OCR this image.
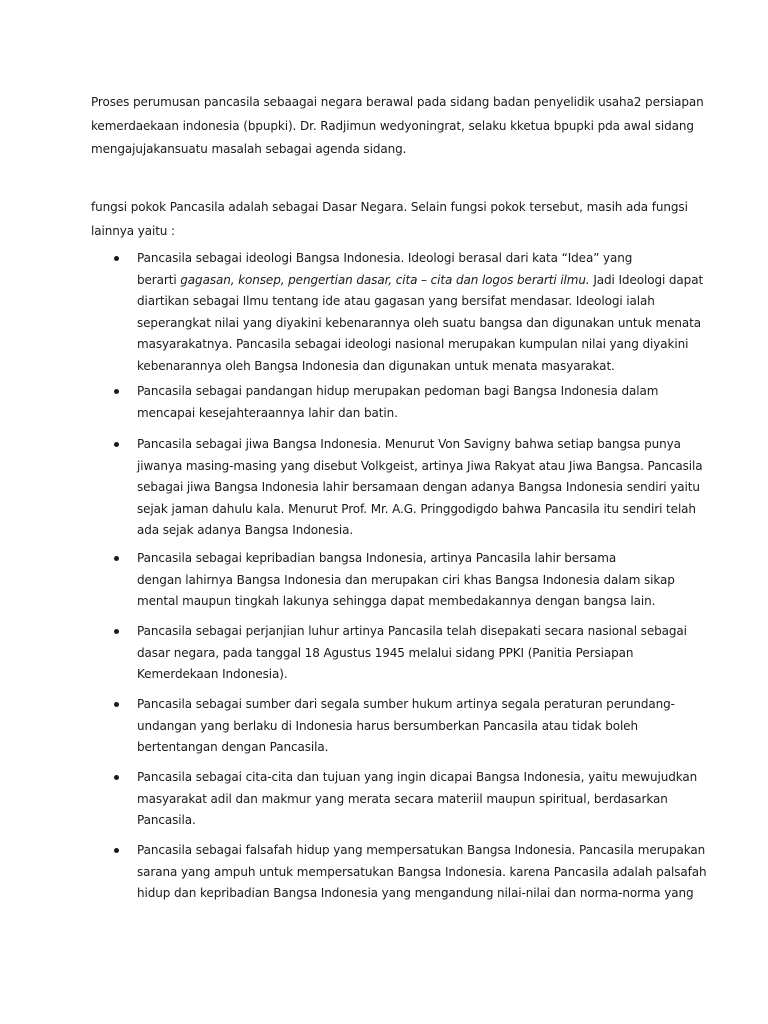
Proses perumusan pancasila sebaagai negara berawal pada sidang badan penyelidik usaha2 persiapan
kemerdaekaan indonesia (bpupki). Dr. Radjimun wedyoningrat, selaku kketua bpupki pda awal sidang
mengajujakansuatu masalah sebagai agenda sidang.

fungsi pokok Pancasila adalah sebagai Dasar Negara. Selain fungsi pokok tersebut, masih ada fungsi
lainnya yaitu :

Pancasila sebagai ideologi Bangsa Indonesia. Ideologi berasal dari kata “Idea” yang
berarti gagasan, konsep, pengertian dasar, cita – cita dan logos berarti ilmu. Jadi Ideologi dapat
diartikan sebagai Ilmu tentang ide atau gagasan yang bersifat mendasar. Ideologi ialah
seperangkat nilai yang diyakini kebenarannya oleh suatu bangsa dan digunakan untuk menata
masyarakatnya. Pancasila sebagai ideologi nasional merupakan kumpulan nilai yang diyakini
kebenarannya oleh Bangsa Indonesia dan digunakan untuk menata masyarakat.
Pancasila sebagai pandangan hidup merupakan pedoman bagi Bangsa Indonesia dalam
mencapai kesejahteraannya lahir dan batin.
Pancasila sebagai jiwa Bangsa Indonesia. Menurut Von Savigny bahwa setiap bangsa punya
jiwanya masing-masing yang disebut Volkgeist, artinya Jiwa Rakyat atau Jiwa Bangsa. Pancasila
sebagai jiwa Bangsa Indonesia lahir bersamaan dengan adanya Bangsa Indonesia sendiri yaitu
sejak jaman dahulu kala. Menurut Prof. Mr. A.G. Pringgodigdo bahwa Pancasila itu sendiri telah
ada sejak adanya Bangsa Indonesia.
Pancasila sebagai kepribadian bangsa Indonesia, artinya Pancasila lahir bersama
dengan lahirnya Bangsa Indonesia dan merupakan ciri khas Bangsa Indonesia dalam sikap
mental maupun tingkah lakunya sehingga dapat membedakannya dengan bangsa lain.
Pancasila sebagai perjanjian luhur artinya Pancasila telah disepakati secara nasional sebagai
dasar negara, pada tanggal 18 Agustus 1945 melalui sidang PPKI (Panitia Persiapan
Kemerdekaan Indonesia).
Pancasila sebagai sumber dari segala sumber hukum artinya segala peraturan perundang-
undangan yang berlaku di Indonesia harus bersumberkan Pancasila atau tidak boleh
bertentangan dengan Pancasila.
Pancasila sebagai cita-cita dan tujuan yang ingin dicapai Bangsa Indonesia, yaitu mewujudkan
masyarakat adil dan makmur yang merata secara materiil maupun spiritual, berdasarkan
Pancasila.
Pancasila sebagai falsafah hidup yang mempersatukan Bangsa Indonesia. Pancasila merupakan
sarana yang ampuh untuk mempersatukan Bangsa Indonesia. karena Pancasila adalah palsafah
hidup dan kepribadian Bangsa Indonesia yang mengandung nilai-nilai dan norma-norma yang
